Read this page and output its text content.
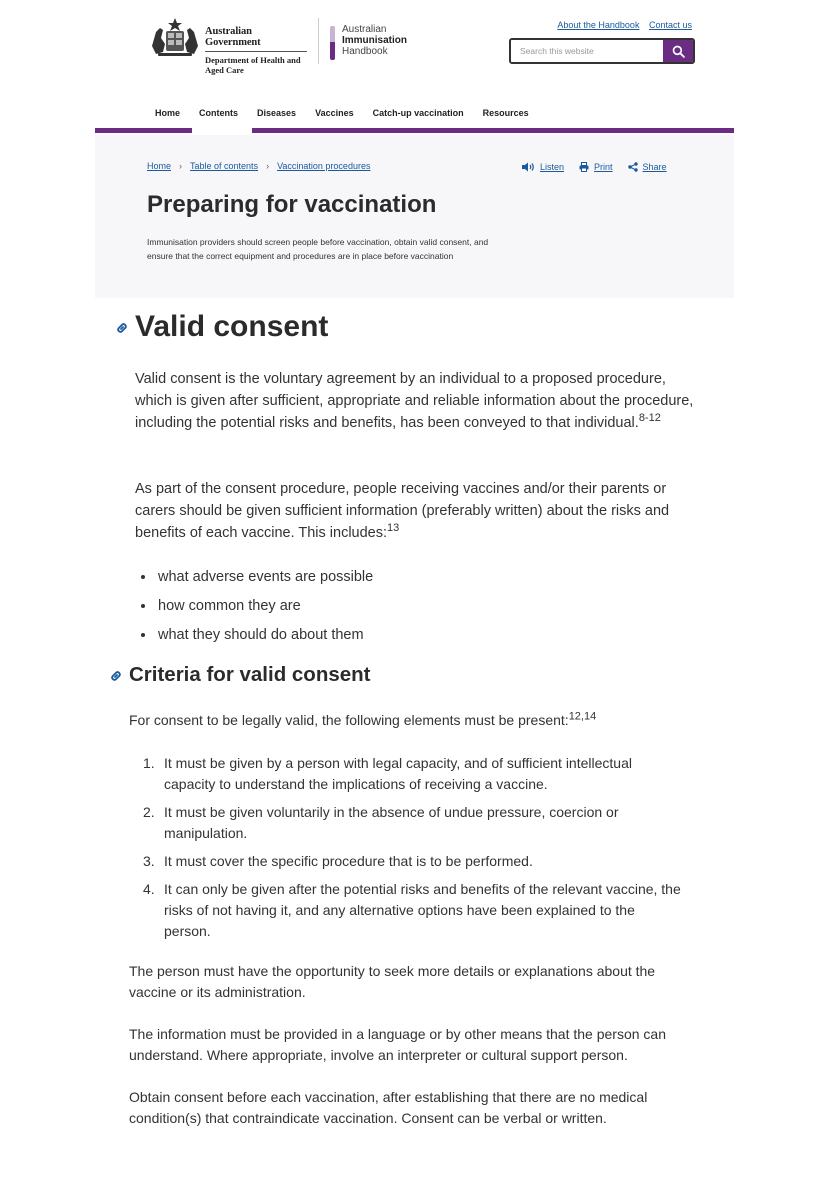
Australian Government
Department of Health and Aged Care
Australian
Immunisation
Handbook
About the Handbook Contact us
Search this website
Home Contents Diseases Vaccines Catch-up vaccination Resources
Home › Table of contents › Vaccination procedures	Listen	Print	Share
Preparing for vaccination

Immunisation providers should screen people before vaccination, obtain valid consent, and ensure that the correct equipment and procedures are in place before vaccination

Valid consent

Valid consent is the voluntary agreement by an individual to a proposed procedure, which is given after sufficient, appropriate and reliable information about the procedure, including the potential risks and benefits, has been conveyed to that individual.$^{8-12}$

As part of the consent procedure, people receiving vaccines and/or their parents or carers should be given sufficient information (preferably written) about the risks and benefits of each vaccine. This includes:$^{13}$

• what adverse events are possible
• how common they are
• what they should do about them
Criteria for valid consent

For consent to be legally valid, the following elements must be present:$^{12,14}$

1. It must be given by a person with legal capacity, and of sufficient intellectual capacity to understand the implications of receiving a vaccine.
2. It must be given voluntarily in the absence of undue pressure, coercion or manipulation.
3. It must cover the specific procedure that is to be performed.
4. It can only be given after the potential risks and benefits of the relevant vaccine, the risks of not having it, and any alternative options have been explained to the person.

The person must have the opportunity to seek more details or explanations about the vaccine or its administration.

The information must be provided in a language or by other means that the person can understand. Where appropriate, involve an interpreter or cultural support person.

Obtain consent before each vaccination, after establishing that there are no medical condition(s) that contraindicate vaccination. Consent can be verbal or written.
